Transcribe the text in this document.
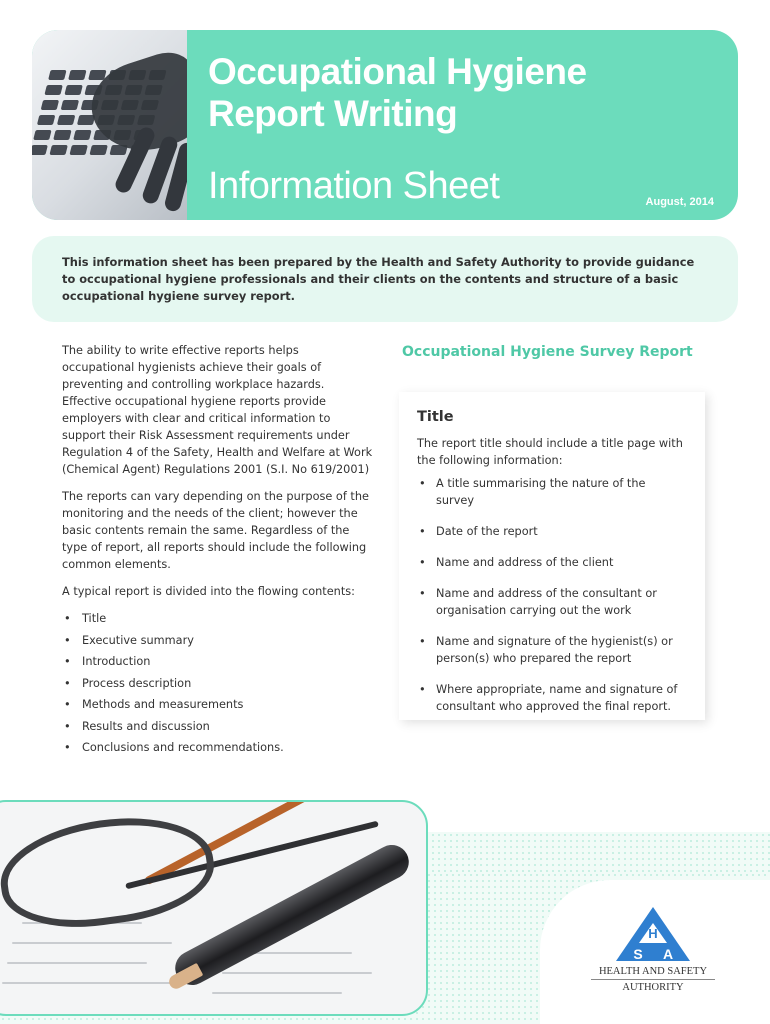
Occupational Hygiene
Report Writing
Information Sheet	August, 2014

This information sheet has been prepared by the Health and Safety Authority to provide guidance to occupational hygiene professionals and their clients on the contents and structure of a basic occupational hygiene survey report.

The ability to write effective reports helps occupational hygienists achieve their goals of preventing and controlling workplace hazards. Effective occupational hygiene reports provide employers with clear and critical information to support their Risk Assessment requirements under Regulation 4 of the Safety, Health and Welfare at Work (Chemical Agent) Regulations 2001 (S.I. No 619/2001)

The reports can vary depending on the purpose of the monitoring and the needs of the client; however the basic contents remain the same. Regardless of the type of report, all reports should include the following common elements.

A typical report is divided into the flowing contents:

• Title
• Executive summary
• Introduction
• Process description
• Methods and measurements
• Results and discussion
• Conclusions and recommendations.
Occupational Hygiene Survey Report
Title

The report title should include a title page with the following information:

• A title summarising the nature of the survey
• Date of the report
• Name and address of the client
• Name and address of the consultant or organisation carrying out the work
• Name and signature of the hygienist(s) or person(s) who prepared the report
• Where appropriate, name and signature of consultant who approved the final report.
H
S A
HEALTH AND SAFETY
AUTHORITY
